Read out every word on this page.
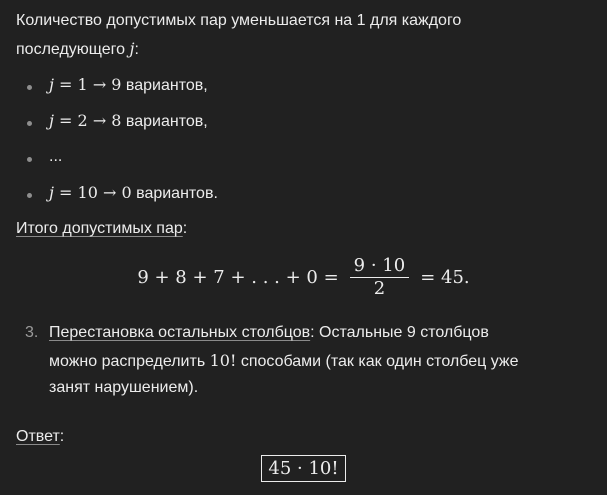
Количество допустимых пар уменьшается на 1 для каждого
последующего j:
j = 1 → 9 вариантов,
j = 2 → 8 вариантов,
...
j = 10 → 0 вариантов.
Итого допустимых пар:
9 + 8 + 7 + . . . + $0 = \frac{9 \cdot 10}{2} = 45$.
3. Перестановка остальных столбцов: Остальные 9 столбцов
можно распределить 10! способами (так как один столбец уже
занят нарушением).
Ответ:
45 · 10!
